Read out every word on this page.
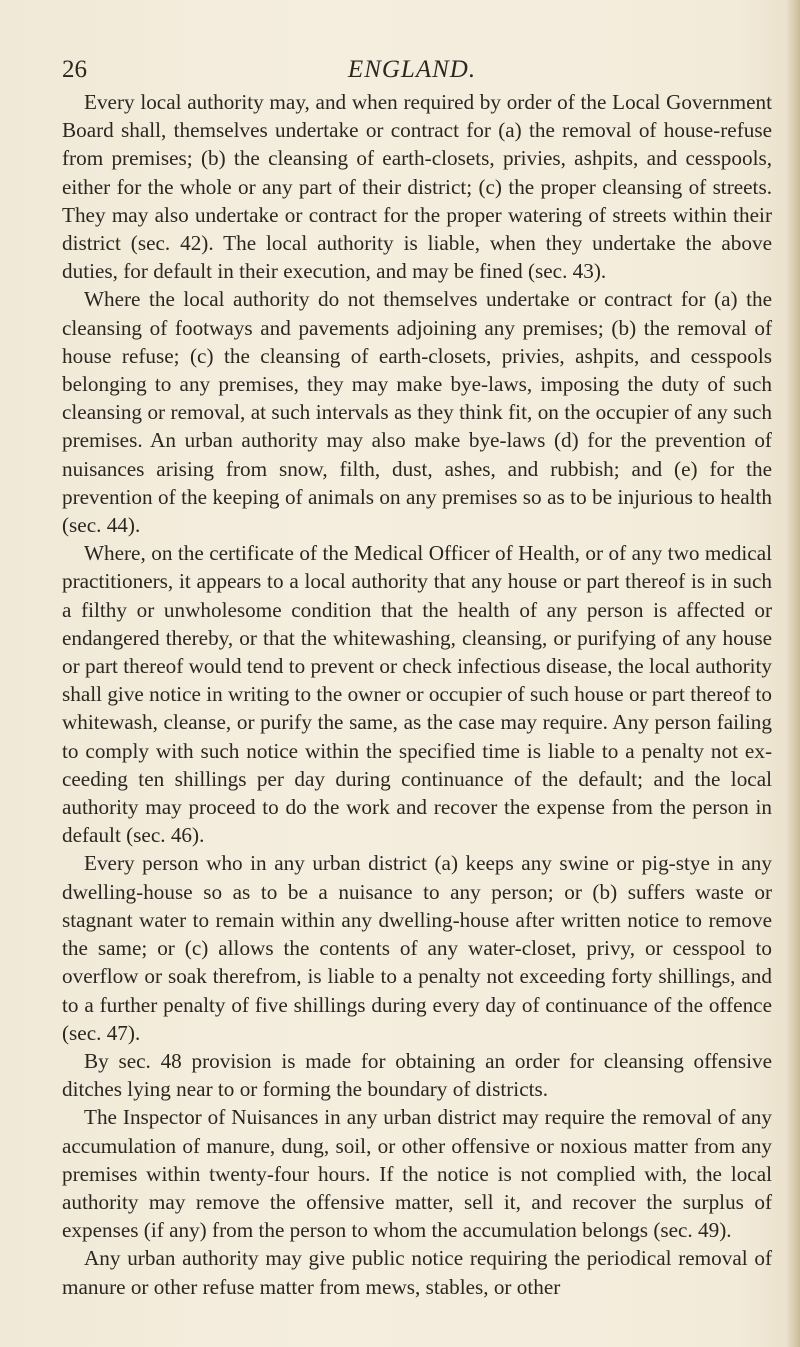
26	ENGLAND.

Every local authority may, and when required by order of the Local Government Board shall, themselves undertake or contract for (a) the removal of house-refuse from premises; (b) the cleansing of earth-closets, privies, ashpits, and cesspools, either for the whole or any part of their district; (c) the proper cleansing of streets. They may also undertake or contract for the proper watering of streets within their district (sec. 42). The local authority is liable, when they undertake the above duties, for default in their execution, and may be fined (sec. 43).

Where the local authority do not themselves undertake or contract for (a) the cleansing of footways and pavements adjoining any premises; (b) the removal of house refuse; (c) the cleansing of earth-closets, privies, ashpits, and cesspools belonging to any premises, they may make bye-laws, imposing the duty of such cleansing or removal, at such intervals as they think fit, on the occupier of any such premises. An urban authority may also make bye-laws (d) for the prevention of nuisances arising from snow, filth, dust, ashes, and rubbish; and (e) for the prevention of the keeping of animals on any premises so as to be injurious to health (sec. 44).

Where, on the certificate of the Medical Officer of Health, or of any two medical practitioners, it appears to a local authority that any house or part thereof is in such a filthy or unwholesome condition that the health of any person is affected or endangered thereby, or that the whitewashing, cleansing, or purifying of any house or part thereof would tend to prevent or check infectious disease, the local authority shall give notice in writing to the owner or occupier of such house or part thereof to whitewash, cleanse, or purify the same, as the case may require. Any person failing to comply with such notice within the specified time is liable to a penalty not exceeding ten shillings per day during continuance of the default; and the local authority may proceed to do the work and recover the expense from the person in default (sec. 46).

Every person who in any urban district (a) keeps any swine or pig-stye in any dwelling-house so as to be a nuisance to any person; or (b) suffers waste or stagnant water to remain within any dwelling-house after written notice to remove the same; or (c) allows the contents of any water-closet, privy, or cesspool to overflow or soak therefrom, is liable to a penalty not exceeding forty shillings, and to a further penalty of five shillings during every day of continuance of the offence (sec. 47).

By sec. 48 provision is made for obtaining an order for cleansing offensive ditches lying near to or forming the boundary of districts.

The Inspector of Nuisances in any urban district may require the removal of any accumulation of manure, dung, soil, or other offensive or noxious matter from any premises within twenty-four hours. If the notice is not complied with, the local authority may remove the offensive matter, sell it, and recover the surplus of expenses (if any) from the person to whom the accumulation belongs (sec. 49).

Any urban authority may give public notice requiring the periodical removal of manure or other refuse matter from mews, stables, or other
